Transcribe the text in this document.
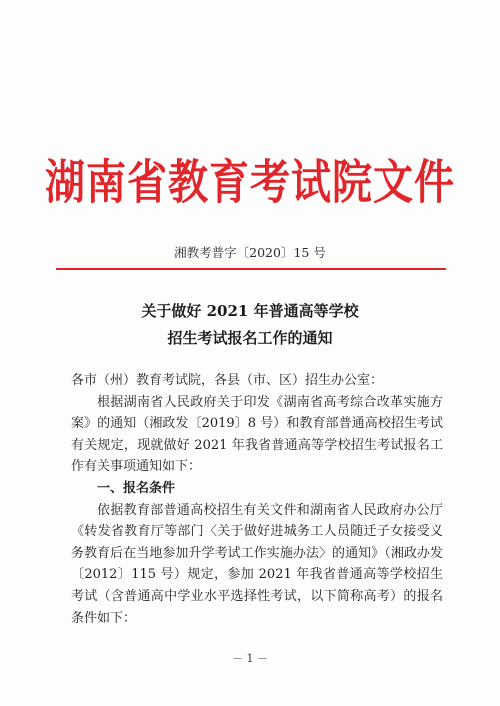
湖南省教育考试院文件
湘教考普字〔2020〕15 号
关于做好 2021 年普通高等学校
招生考试报名工作的通知

各市（州）教育考试院，各县（市、区）招生办公室：

根据湖南省人民政府关于印发《湖南省高考综合改革实施方案》的通知（湘政发〔2019〕8 号）和教育部普通高校招生考试有关规定，现就做好 2021 年我省普通高等学校招生考试报名工作有关事项通知如下：

一、报名条件

依据教育部普通高校招生有关文件和湖南省人民政府办公厅《转发省教育厅等部门〈关于做好进城务工人员随迁子女接受义务教育后在当地参加升学考试工作实施办法〉的通知》（湘政办发〔2012〕115 号）规定，参加 2021 年我省普通高等学校招生考试（含普通高中学业水平选择性考试，以下简称高考）的报名条件如下：

－ 1 －
